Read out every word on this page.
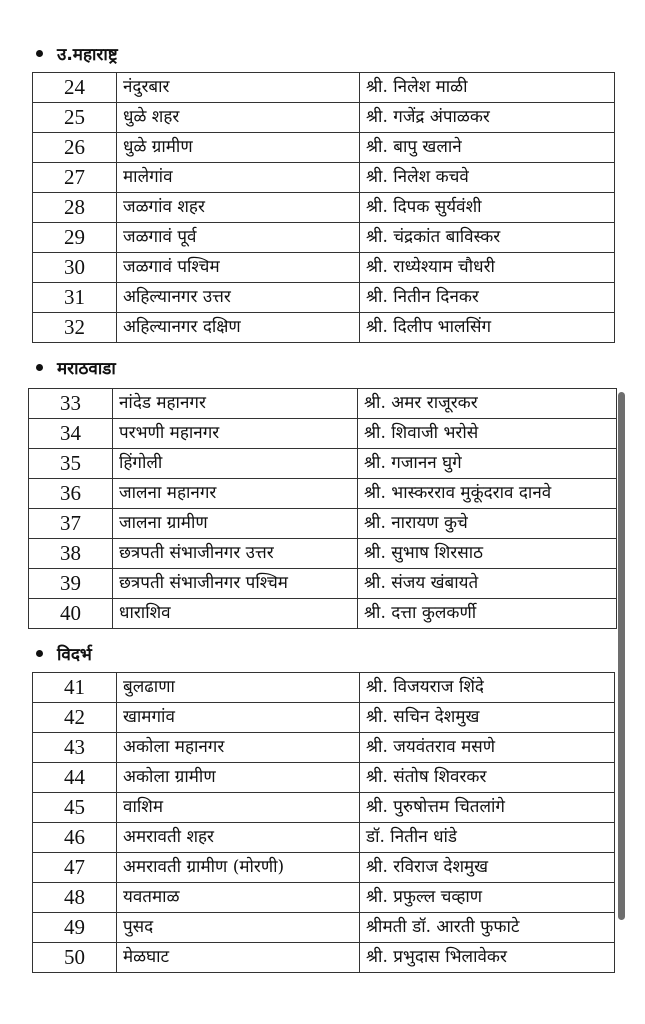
उ.महाराष्ट्र
24	नंदुरबार	श्री. निलेश माळी
25	धुळे शहर	श्री. गजेंद्र अंपाळकर
26	धुळे ग्रामीण	श्री. बापु खलाने
27	मालेगांव	श्री. निलेश कचवे
28	जळगांव शहर	श्री. दिपक सुर्यवंशी
29	जळगावं पूर्व	श्री. चंद्रकांत बाविस्कर
30	जळगावं पश्चिम	श्री. राध्येश्याम चौधरी
31	अहिल्यानगर उत्तर	श्री. नितीन दिनकर
32	अहिल्यानगर दक्षिण	श्री. दिलीप भालसिंग
मराठवाडा
33	नांदेड महानगर	श्री. अमर राजूरकर
34	परभणी महानगर	श्री. शिवाजी भरोसे
35	हिंगोली	श्री. गजानन घुगे
36	जालना महानगर	श्री. भास्करराव मुकूंदराव दानवे
37	जालना ग्रामीण	श्री. नारायण कुचे
38	छत्रपती संभाजीनगर उत्तर	श्री. सुभाष शिरसाठ
39	छत्रपती संभाजीनगर पश्चिम	श्री. संजय खंबायते
40	धाराशिव	श्री. दत्ता कुलकर्णी
विदर्भ
41	बुलढाणा	श्री. विजयराज शिंदे
42	खामगांव	श्री. सचिन देशमुख
43	अकोला महानगर	श्री. जयवंतराव मसणे
44	अकोला ग्रामीण	श्री. संतोष शिवरकर
45	वाशिम	श्री. पुरुषोत्तम चितलांगे
46	अमरावती शहर	डॉ. नितीन धांडे
47	अमरावती ग्रामीण (मोरणी)	श्री. रविराज देशमुख
48	यवतमाळ	श्री. प्रफुल्ल चव्हाण
49	पुसद	श्रीमती डॉ. आरती फुफाटे
50	मेळघाट	श्री. प्रभुदास भिलावेकर
